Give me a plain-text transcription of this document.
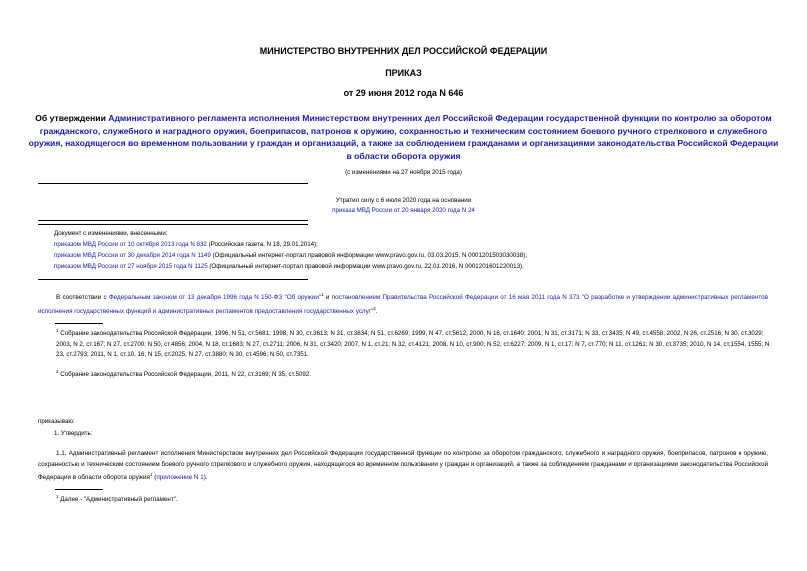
МИНИСТЕРСТВО ВНУТРЕННИХ ДЕЛ РОССИЙСКОЙ ФЕДЕРАЦИИ
ПРИКАЗ
от 29 июня 2012 года N 646
Об утверждении Административного регламента исполнения Министерством внутренних дел Российской Федерации государственной функции по контролю за оборотом гражданского, служебного и наградного оружия, боеприпасов, патронов к оружию, сохранностью и техническим состоянием боевого ручного стрелкового и служебного оружия, находящегося во временном пользовании у граждан и организаций, а также за соблюдением гражданами и организациями законодательства Российской Федерации в области оборота оружия
(с изменениями на 27 ноября 2015 года)
Утратил силу с 6 июля 2020 года на основании
приказа МВД России от 20 января 2020 года N 24
Документ с изменениями, внесенными:
приказом МВД России от 10 октября 2013 года N 832 (Российская газета, N 18, 29.01.2014);
приказом МВД России от 30 декабря 2014 года N 1149 (Официальный интернет-портал правовой информации www.pravo.gov.ru, 03.03.2015, N 0001201503030038);
приказом МВД России от 27 ноября 2015 года N 1125 (Официальный интернет-портал правовой информации www.pravo.gov.ru, 22.01.2016, N 0001201601220013).
В соответствии с Федеральным законом от 13 декабря 1996 года N 150-ФЗ "Об оружии"$^1$ и постановлением Правительства Российской Федерации от 16 мая 2011 года N 373 "О разработке и утверждении административных регламентов исполнения государственных функций и административных регламентов предоставления государственных услуг"$^2$.
$^1$ Собрание законодательства Российской Федерации, 1996, N 51, ст.5681; 1998, N 30, ст.3613; N 31, ст.3834; N 51, ст.6269; 1999, N 47, ст.5612; 2000, N 16, ст.1640; 2001, N 31, ст.3171; N 33, ст.3435; N 49, ст.4558; 2002, N 26, ст.2516; N 30, ст.3029; 2003, N 2, ст.167; N 27, ст.2700; N 50, ст.4856; 2004, N 18, ст.1683; N 27, ст.2711; 2006, N 31, ст.3420; 2007, N 1, ст.21; N 32, ст.4121; 2008, N 10, ст.900; N 52, ст.6227; 2009, N 1, ст.17; N 7, ст.770; N 11, ст.1261; N 30, ст.3735; 2010, N 14, ст.1554, 1555; N 23, ст.2793; 2011, N 1, ст.10, 16; N 15, ст.2025; N 27, ст.3880; N 30, ст.4596; N 50, ст.7351.
$^2$ Собрание законодательства Российской Федерации, 2011, N 22, ст.3169; N 35, ст.5092.
приказываю:
1. Утвердить:
1.1. Административный регламент исполнения Министерством внутренних дел Российской Федерации государственной функции по контролю за оборотом гражданского, служебного и наградного оружия, боеприпасов, патронов к оружию, сохранностью и техническим состоянием боевого ручного стрелкового и служебного оружия, находящегося во временном пользовании у граждан и организаций, а также за соблюдением гражданами и организациями законодательства Российской Федерации в области оборота оружия$^1$ (приложение N 1).
$^1$ Далее - "Административный регламент".
